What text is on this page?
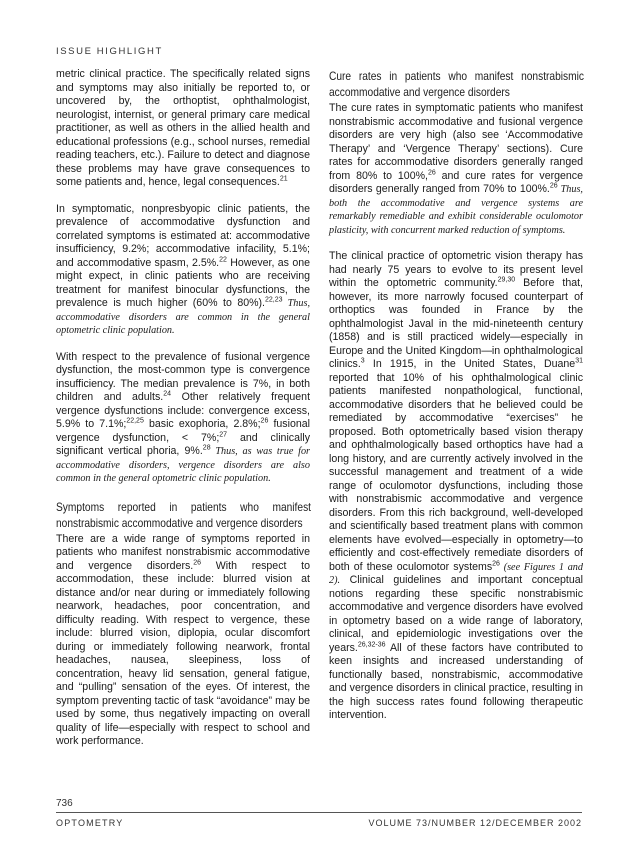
ISSUE HIGHLIGHT

metric clinical practice. The specifically related signs and symptoms may also initially be reported to, or uncovered by, the orthoptist, ophthalmologist, neurologist, internist, or general primary care medical practitioner, as well as others in the allied health and educational professions (e.g., school nurses, remedial reading teachers, etc.). Failure to detect and diagnose these problems may have grave consequences to some patients and, hence, legal consequences.$^{21}$

In symptomatic, nonpresbyopic clinic patients, the prevalence of accommodative dysfunction and correlated symptoms is estimated at: accommodative insufficiency, 9.2%; accommodative infacility, 5.1%; and accommodative spasm, 2.5%.$^{22}$ However, as one might expect, in clinic patients who are receiving treatment for manifest binocular dysfunctions, the prevalence is much higher (60% to 80%).$^{22,23}$ Thus, accommodative disorders are common in the general optometric clinic population.

With respect to the prevalence of fusional vergence dysfunction, the most-common type is convergence insufficiency. The median prevalence is 7%, in both children and adults.$^{24}$ Other relatively frequent vergence dysfunctions include: convergence excess, 5.9% to 7.1%;$^{22,25}$ basic exophoria, 2.8%;$^{26}$ fusional vergence dysfunction, < 7%;$^{27}$ and clinically significant vertical phoria, 9%.$^{28}$ Thus, as was true for accommodative disorders, vergence disorders are also common in the general optometric clinic population.

Symptoms reported in patients who manifest nonstrabismic accommodative and vergence disorders

There are a wide range of symptoms reported in patients who manifest nonstrabismic accommodative and vergence disorders.$^{26}$ With respect to accommodation, these include: blurred vision at distance and/or near during or immediately following nearwork, headaches, poor concentration, and difficulty reading. With respect to vergence, these include: blurred vision, diplopia, ocular discomfort during or immediately following nearwork, frontal headaches, nausea, sleepiness, loss of concentration, heavy lid sensation, general fatigue, and “pulling” sensation of the eyes. Of interest, the symptom preventing tactic of task “avoidance” may be used by some, thus negatively impacting on overall quality of life—especially with respect to school and work performance.

Cure rates in patients who manifest nonstrabismic accommodative and vergence disorders

The cure rates in symptomatic patients who manifest nonstrabismic accommodative and fusional vergence disorders are very high (also see ‘Accommodative Therapy’ and ‘Vergence Therapy’ sections). Cure rates for accommodative disorders generally ranged from 80% to 100%,$^{26}$ and cure rates for vergence disorders generally ranged from 70% to 100%.$^{26}$ Thus, both the accommodative and vergence systems are remarkably remediable and exhibit considerable oculomotor plasticity, with concurrent marked reduction of symptoms.

The clinical practice of optometric vision therapy has had nearly 75 years to evolve to its present level within the optometric community.$^{29,30}$ Before that, however, its more narrowly focused counterpart of orthoptics was founded in France by the ophthalmologist Javal in the mid-nineteenth century (1858) and is still practiced widely—especially in Europe and the United Kingdom—in ophthalmological clinics.$^3$ In 1915, in the United States, Duane$^{31}$ reported that 10% of his ophthalmological clinic patients manifested nonpathological, functional, accommodative disorders that he believed could be remediated by accommodative “exercises” he proposed. Both optometrically based vision therapy and ophthalmologically based orthoptics have had a long history, and are currently actively involved in the successful management and treatment of a wide range of oculomotor dysfunctions, including those with nonstrabismic accommodative and vergence disorders. From this rich background, well-developed and scientifically based treatment plans with common elements have evolved—especially in optometry—to efficiently and cost-effectively remediate disorders of both of these oculomotor systems$^{26}$ (see Figures 1 and 2). Clinical guidelines and important conceptual notions regarding these specific nonstrabismic accommodative and vergence disorders have evolved in optometry based on a wide range of laboratory, clinical, and epidemiologic investigations over the years.$^{26,32-36}$ All of these factors have contributed to keen insights and increased understanding of functionally based, nonstrabismic, accommodative and vergence disorders in clinical practice, resulting in the high success rates found following therapeutic intervention.

736
OPTOMETRY	VOLUME 73/NUMBER 12/DECEMBER 2002
